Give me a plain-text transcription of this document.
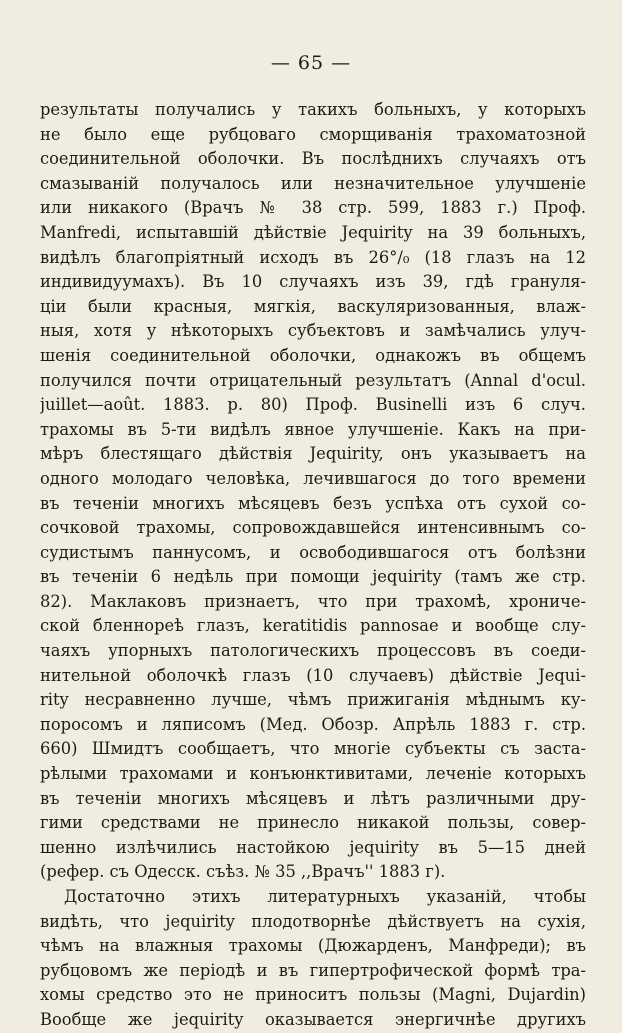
— 65 —
результаты получались у такихъ больныхъ, у которыхъ
не было еще рубцоваго сморщиванія трахоматозной
соединительной оболочки. Въ послѣднихъ случаяхъ отъ
смазываній получалось или незначительное улучшеніе
или никакого (Врачъ № 38 стр. 599, 1883 г.) Проф.
Manfredi, испытавшій дѣйствіе Jequirity на 39 больныхъ,
видѣлъ благопріятный исходъ въ 26°/₀ (18 глазъ на 12
индивидуумахъ). Въ 10 случаяхъ изъ 39, гдѣ грануля-
ціи были красныя, мягкія, васкуляризованныя, влаж-
ныя, хотя у нѣкоторыхъ субъектовъ и замѣчались улуч-
шенія соединительной оболочки, однакожъ въ общемъ
получился почти отрицательный результатъ (Annal d'ocul.
juillet—août. 1883. p. 80) Проф. Businelli изъ 6 случ.
трахомы въ 5-ти видѣлъ явное улучшеніе. Какъ на при-
мѣръ блестящаго дѣйствія Jequirity, онъ указываетъ на
одного молодаго человѣка, лечившагося до того времени
въ теченіи многихъ мѣсяцевъ безъ успѣха отъ сухой со-
сочковой трахомы, сопровождавшейся интенсивнымъ со-
судистымъ паннусомъ, и освободившагося отъ болѣзни
въ теченіи 6 недѣль при помощи jequirity (тамъ же стр.
82). Маклаковъ признаетъ, что при трахомѣ, хрониче-
ской бленнореѣ глазъ, keratitidis pannosae и вообще слу-
чаяхъ упорныхъ патологическихъ процессовъ въ соеди-
нительной оболочкѣ глазъ (10 случаевъ) дѣйствіе Jequi-
rity несравненно лучше, чѣмъ прижиганія мѣднымъ ку-
поросомъ и ляписомъ (Мед. Обозр. Апрѣль 1883 г. стр.
660) Шмидтъ сообщаетъ, что многіе субъекты съ заста-
рѣлыми трахомами и конъюнктивитами, леченіе которыхъ
въ теченіи многихъ мѣсяцевъ и лѣтъ различными дру-
гими средствами не принесло никакой пользы, совер-
шенно излѣчились настойкою jequirity въ 5—15 дней
(рефер. съ Одесск. съѣз. № 35 ,,Врачъ'' 1883 г).
Достаточно этихъ литературныхъ указаній, чтобы
видѣть, что jequirity плодотворнѣе дѣйствуетъ на сухія,
чѣмъ на влажныя трахомы (Дюжарденъ, Манфреди); въ
рубцовомъ же періодѣ и въ гипертрофической формѣ тра-
хомы средство это не приноситъ пользы (Magni, Dujardin)
Вообще же jequirity оказывается энергичнѣе другихъ
